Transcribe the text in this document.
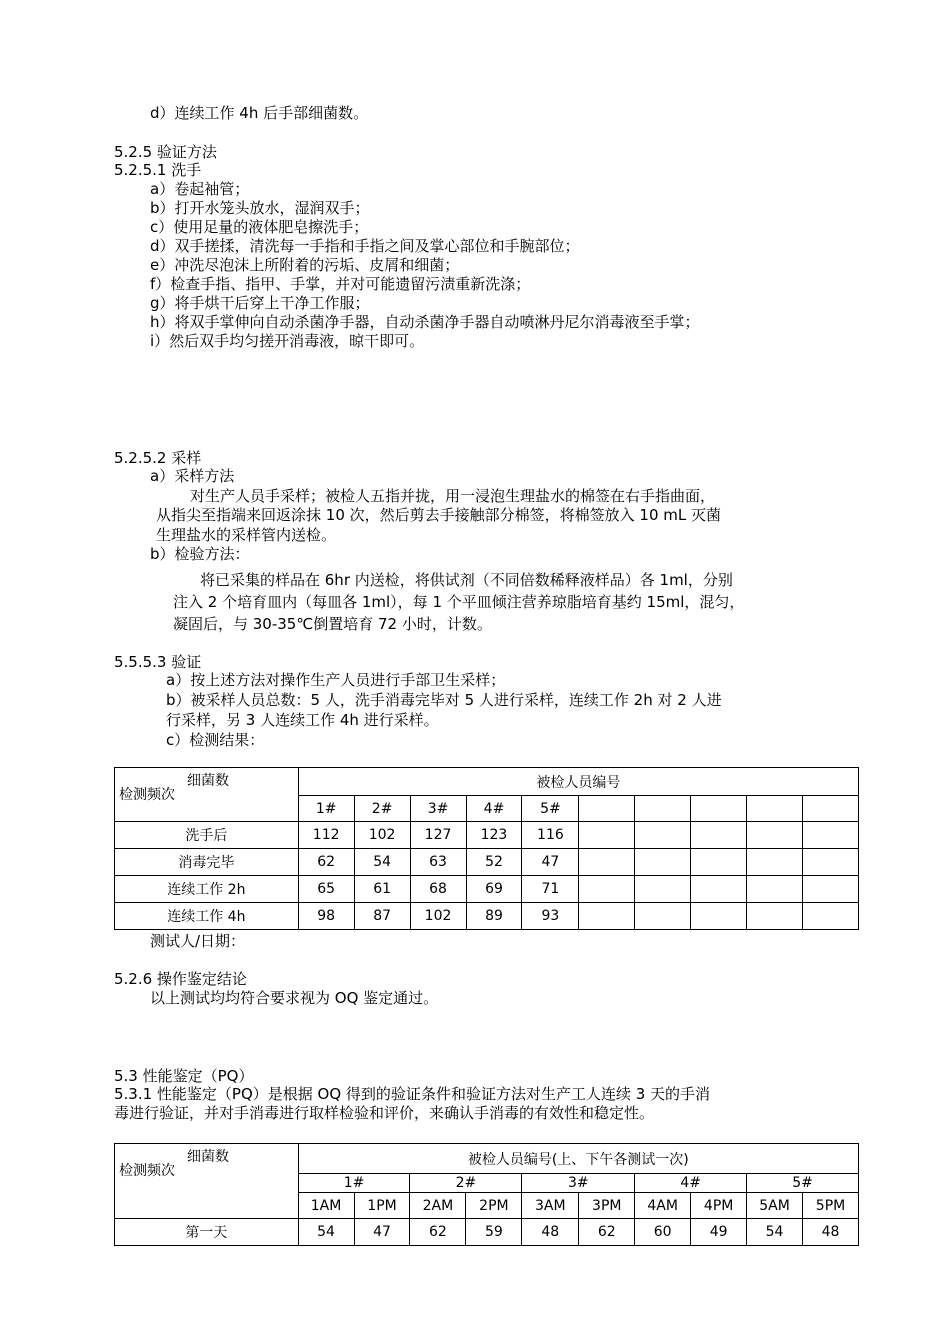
d）连续工作 4h 后手部细菌数。
5.2.5 验证方法
5.2.5.1 洗手
a）卷起袖管；
b）打开水笼头放水，湿润双手；
c）使用足量的液体肥皂擦洗手；
d）双手搓揉，清洗每一手指和手指之间及掌心部位和手腕部位；
e）冲洗尽泡沫上所附着的污垢、皮屑和细菌；
f）检查手指、指甲、手掌，并对可能遗留污渍重新洗涤；
g）将手烘干后穿上干净工作服；
h）将双手掌伸向自动杀菌净手器，自动杀菌净手器自动喷淋丹尼尔消毒液至手掌；
i）然后双手均匀搓开消毒液，晾干即可。
5.2.5.2 采样
a）采样方法
对生产人员手采样；被检人五指并拢，用一浸泡生理盐水的棉签在右手指曲面，
从指尖至指端来回返涂抹 10 次，然后剪去手接触部分棉签，将棉签放入 10 mL 灭菌
生理盐水的采样管内送检。
b）检验方法：
将已采集的样品在 6hr 内送检，将供试剂（不同倍数稀释液样品）各 1ml，分别
注入 2 个培育皿内（每皿各 1ml），每 1 个平皿倾注营养琼脂培育基约 15ml，混匀，
凝固后，与 30-35℃倒置培育 72 小时，计数。
5.5.5.3 验证
a）按上述方法对操作生产人员进行手部卫生采样；
b）被采样人员总数：5 人，洗手消毒完毕对 5 人进行采样，连续工作 2h 对 2 人进
行采样，另 3 人连续工作 4h 进行采样。
c）检测结果：
细菌数
检测频次	被检人员编号									
	1#	2#	3#	4#	5#					
洗手后	112	102	127	123	116					
消毒完毕	62	54	63	52	47					
连续工作 2h	65	61	68	69	71					
连续工作 4h	98	87	102	89	93					
测试人/日期：
5.2.6 操作鉴定结论
以上测试均均符合要求视为 OQ 鉴定通过。
5.3 性能鉴定（PQ）
5.3.1 性能鉴定（PQ）是根据 OQ 得到的验证条件和验证方法对生产工人连续 3 天的手消
毒进行验证，并对手消毒进行取样检验和评价，来确认手消毒的有效性和稳定性。
细菌数
检测频次	被检人员编号(上、下午各测试一次)									
	1#		2#		3#		4#		5#	
	1AM	1PM	2AM	2PM	3AM	3PM	4AM	4PM	5AM	5PM
第一天	54	47	62	59	48	62	60	49	54	48
